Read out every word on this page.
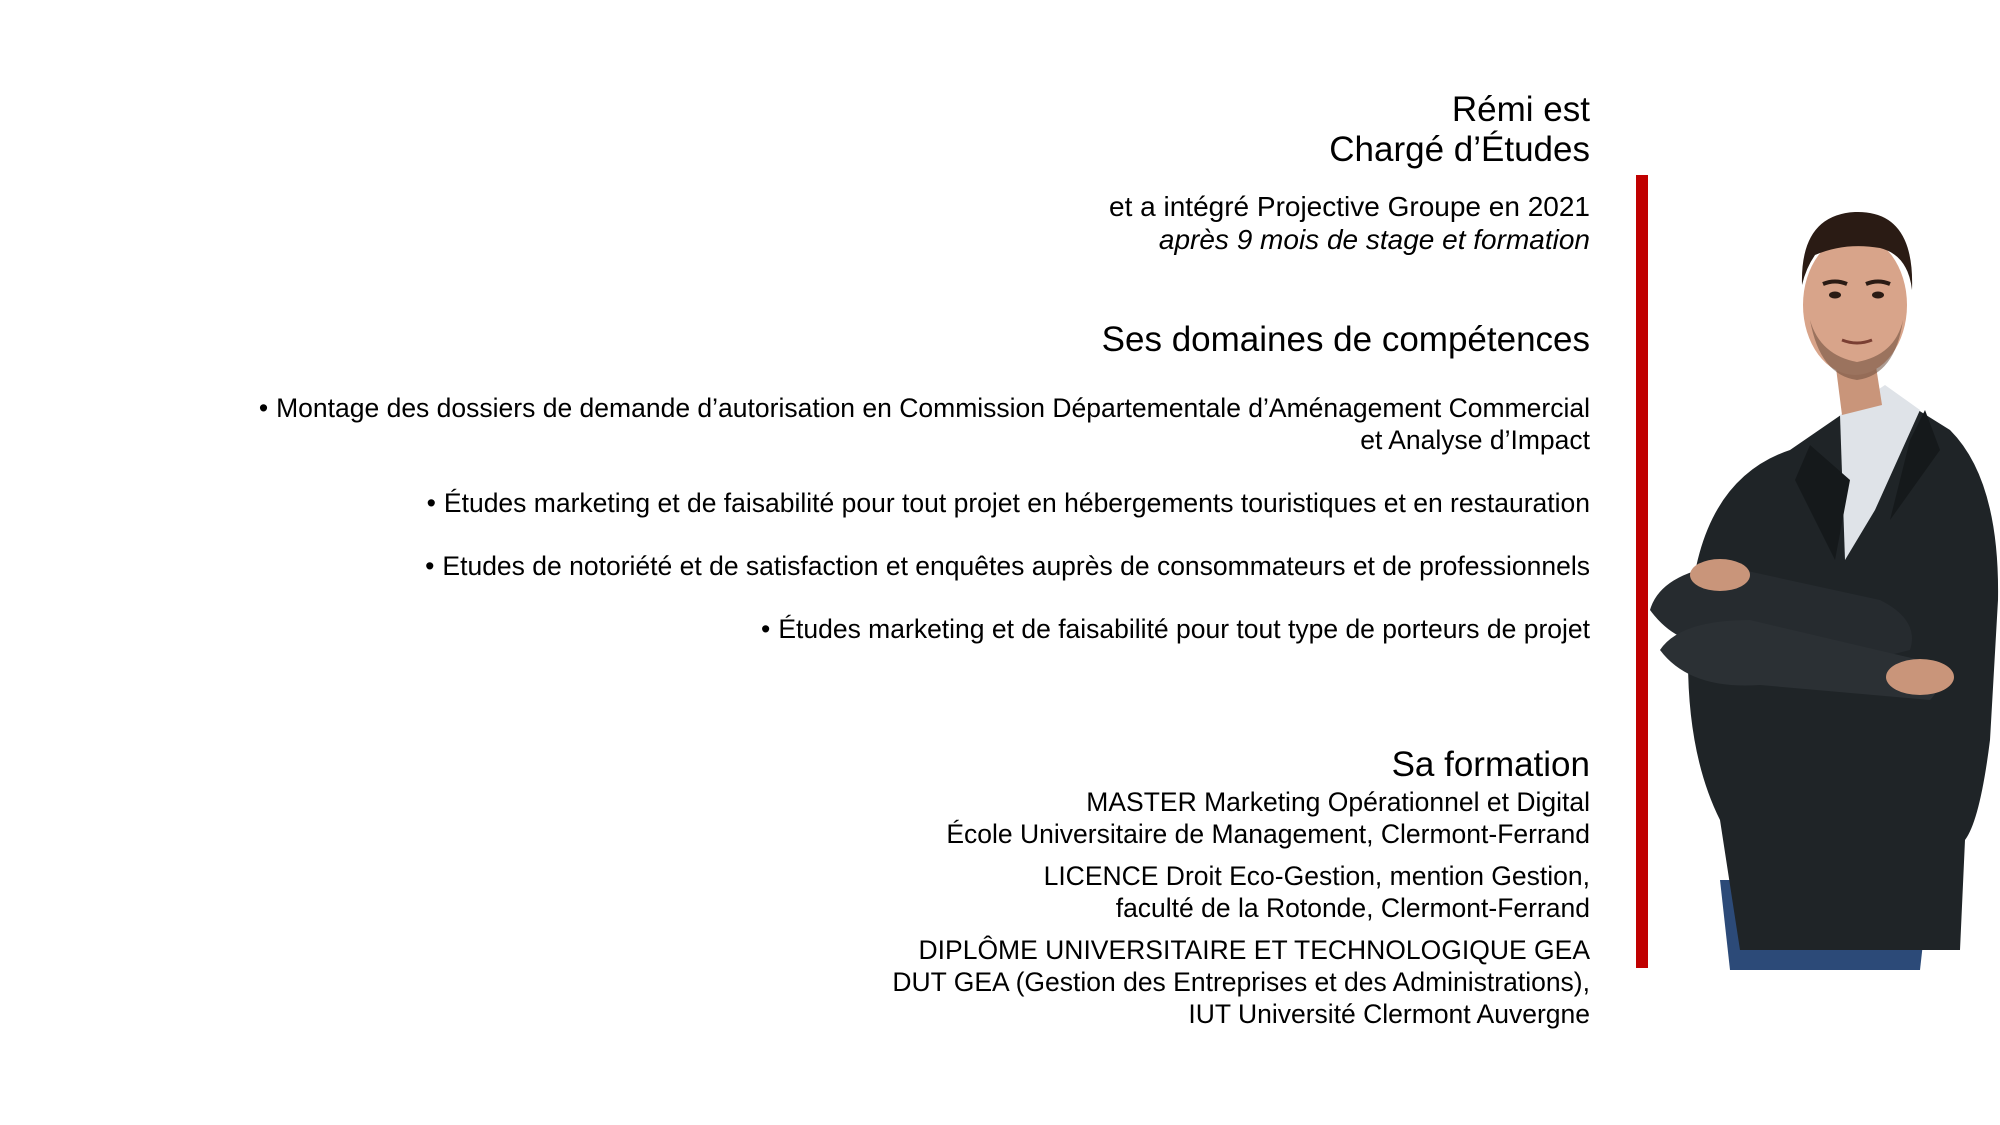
Rémi est
Chargé d’Études
et a intégré Projective Groupe en 2021
après 9 mois de stage et formation
Ses domaines de compétences
• Montage des dossiers de demande d’autorisation en Commission Départementale d’Aménagement Commercial
et Analyse d’Impact
• Études marketing et de faisabilité pour tout projet en hébergements touristiques et en restauration
• Etudes de notoriété et de satisfaction et enquêtes auprès de consommateurs et de professionnels
• Études marketing et de faisabilité pour tout type de porteurs de projet
Sa formation
MASTER Marketing Opérationnel et Digital
École Universitaire de Management, Clermont-Ferrand
LICENCE Droit Eco-Gestion, mention Gestion,
faculté de la Rotonde, Clermont-Ferrand
DIPLÔME UNIVERSITAIRE ET TECHNOLOGIQUE GEA
DUT GEA (Gestion des Entreprises et des Administrations),
IUT Université Clermont Auvergne
